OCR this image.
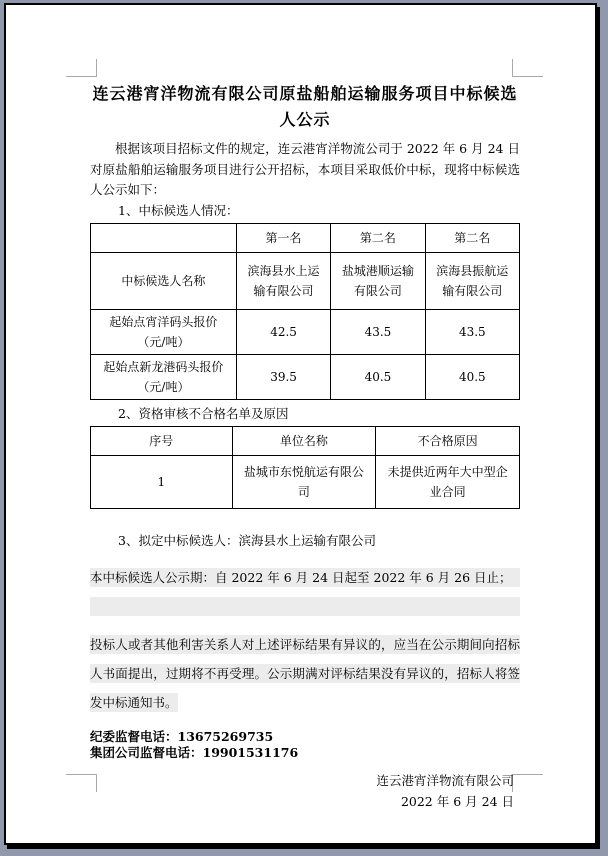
连云港宵洋物流有限公司原盐船舶运输服务项目中标候选人公示

根据该项目招标文件的规定，连云港宵洋物流公司于 2022 年 6 月 24 日对原盐船舶运输服务项目进行公开招标，本项目采取低价中标，现将中标候选人公示如下：

1、中标候选人情况：
	第一名	第二名	第二名
中标候选人名称	滨海县水上运输有限公司	盐城港顺运输有限公司	滨海县振航运输有限公司
起始点宵洋码头报价（元/吨）	42.5	43.5	43.5
起始点新龙港码头报价（元/吨）	39.5	40.5	40.5
2、资格审核不合格名单及原因
序号	单位名称	不合格原因
1	盐城市东悦航运有限公司	未提供近两年大中型企业合同
3、拟定中标候选人：滨海县水上运输有限公司
本中标候选人公示期：自 2022 年 6 月 24 日起至 2022 年 6 月 26 日止；

投标人或者其他利害关系人对上述评标结果有异议的，应当在公示期间向招标人书面提出，过期将不再受理。公示期满对评标结果没有异议的，招标人将签发中标通知书。

纪委监督电话：13675269735
集团公司监督电话：19901531176
连云港宵洋物流有限公司
2022 年 6 月 24 日
